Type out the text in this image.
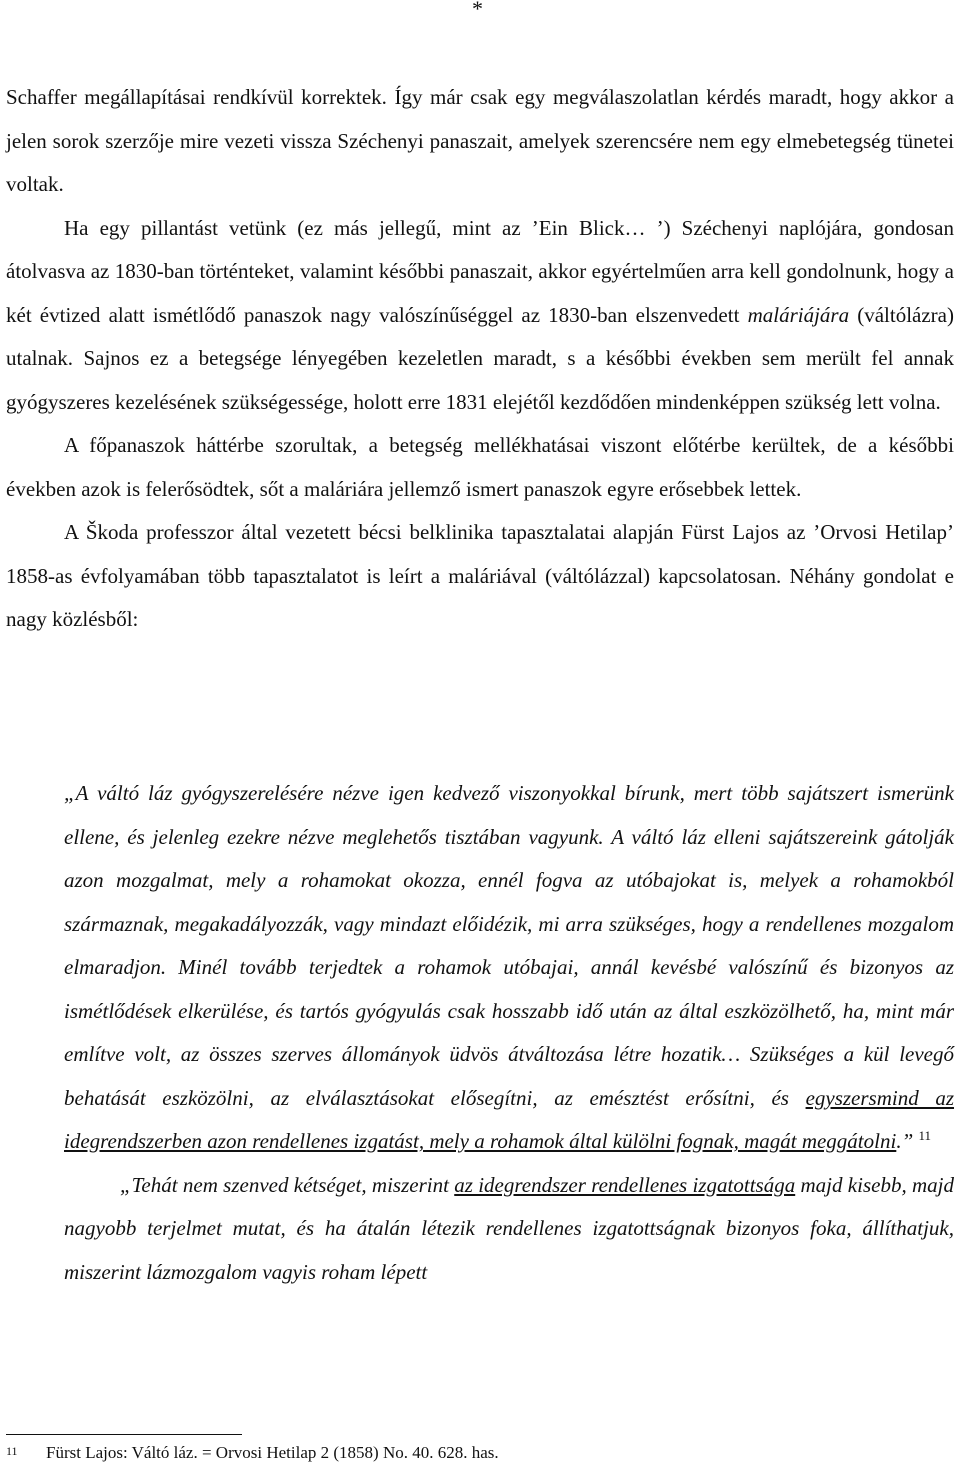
*

Schaffer megállapításai rendkívül korrektek. Így már csak egy megválaszolatlan kérdés maradt, hogy akkor a jelen sorok szerzője mire vezeti vissza Széchenyi panaszait, amelyek szerencsére nem egy elmebetegség tünetei voltak.

Ha egy pillantást vetünk (ez más jellegű, mint az ’Ein Blick… ’) Széchenyi naplójára, gondosan átolvasva az 1830-ban történteket, valamint későbbi panaszait, akkor egyértelműen arra kell gondolnunk, hogy a két évtized alatt ismétlődő panaszok nagy valószínűséggel az 1830-ban elszenvedett maláriájára (váltólázra) utalnak. Sajnos ez a betegsége lényegében kezeletlen maradt, s a későbbi években sem merült fel annak gyógyszeres kezelésének szükségessége, holott erre 1831 elejétől kezdődően mindenképpen szükség lett volna.

A főpanaszok háttérbe szorultak, a betegség mellékhatásai viszont előtérbe kerültek, de a későbbi években azok is felerősödtek, sőt a maláriára jellemző ismert panaszok egyre erősebbek lettek.

A Škoda professzor által vezetett bécsi belklinika tapasztalatai alapján Fürst Lajos az ’Orvosi Hetilap’ 1858-as évfolyamában több tapasztalatot is leírt a maláriával (váltólázzal) kapcsolatosan. Néhány gondolat e nagy közlésből:

„A váltó láz gyógyszerelésére nézve igen kedvező viszonyokkal bírunk, mert több sajátszert ismerünk ellene, és jelenleg ezekre nézve meglehetős tisztában vagyunk. A váltó láz elleni sajátszereink gátolják azon mozgalmat, mely a rohamokat okozza, ennél fogva az utóbajokat is, melyek a rohamokból származnak, megakadályozzák, vagy mindazt előidézik, mi arra szükséges, hogy a rendellenes mozgalom elmaradjon. Minél tovább terjedtek a rohamok utóbajai, annál kevésbé valószínű és bizonyos az ismétlődések elkerülése, és tartós gyógyulás csak hosszabb idő után az által eszközölhető, ha, mint már említve volt, az összes szerves állományok üdvös átváltozása létre hozatik… Szükséges a kül levegő behatását eszközölni, az elválasztásokat elősegítni, az emésztést erősítni, és egyszersmind az idegrendszerben azon rendellenes izgatást, mely a rohamok által külölni fognak, magát meggátolni.” $^{11}$

„Tehát nem szenved kétséget, miszerint az idegrendszer rendellenes izgatottsága majd kisebb, majd nagyobb terjelmet mutat, és ha átalán létezik rendellenes izgatottságnak bizonyos foka, állíthatjuk, miszerint lázmozgalom vagyis roham lépett

$^{11}$ Fürst Lajos: Váltó láz. = Orvosi Hetilap 2 (1858) No. 40. 628. has.
